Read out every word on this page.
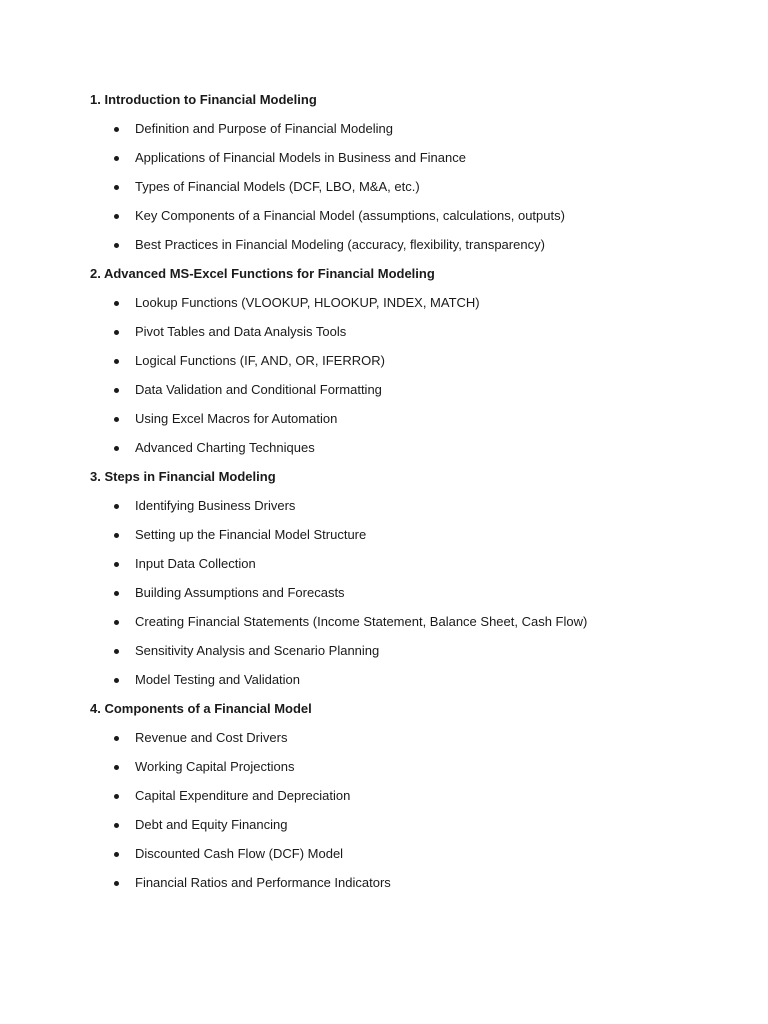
1. Introduction to Financial Modeling
Definition and Purpose of Financial Modeling
Applications of Financial Models in Business and Finance
Types of Financial Models (DCF, LBO, M&A, etc.)
Key Components of a Financial Model (assumptions, calculations, outputs)
Best Practices in Financial Modeling (accuracy, flexibility, transparency)
2. Advanced MS-Excel Functions for Financial Modeling
Lookup Functions (VLOOKUP, HLOOKUP, INDEX, MATCH)
Pivot Tables and Data Analysis Tools
Logical Functions (IF, AND, OR, IFERROR)
Data Validation and Conditional Formatting
Using Excel Macros for Automation
Advanced Charting Techniques
3. Steps in Financial Modeling
Identifying Business Drivers
Setting up the Financial Model Structure
Input Data Collection
Building Assumptions and Forecasts
Creating Financial Statements (Income Statement, Balance Sheet, Cash Flow)
Sensitivity Analysis and Scenario Planning
Model Testing and Validation
4. Components of a Financial Model
Revenue and Cost Drivers
Working Capital Projections
Capital Expenditure and Depreciation
Debt and Equity Financing
Discounted Cash Flow (DCF) Model
Financial Ratios and Performance Indicators
